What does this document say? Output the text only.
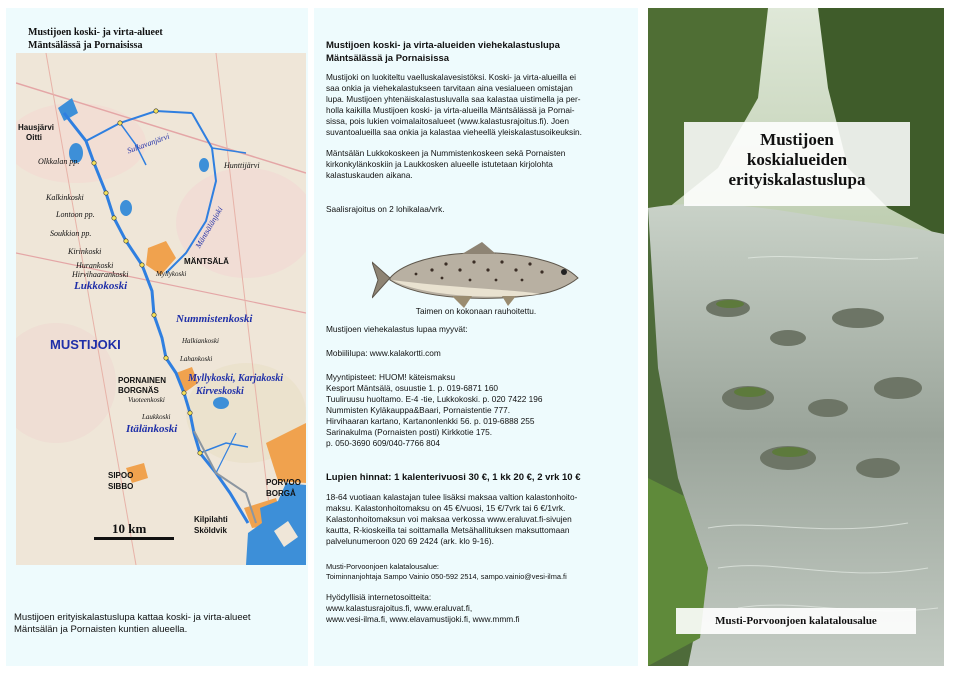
Mustijoen koski- ja virta-alueet
Mäntsälässä ja Pornaisissa
Hausjärvi
Oitti	Sulkavanjärvi
Olkkalan pp.
Kalkinkoski
Lontoon pp.
Soukkion pp.
Kirinkoski
Hurankoski
Hirvihaarankoski	Myllykoski
Lukkokoski
MÄNTSÄLÄ
Mäntsälänjoki
Hunttijärvi
Nummistenkoski
Halkiankoski
MUSTIJOKI
Lahankoski
PORNAINEN
BORGNÄS
Myllykoski, Karjakoski
Kirveskoski
Vuoteenkoski
Laukkoski
Itälänkoski
SIPOO
SIBBO	PORVOO
BORGÅ
Kilpilahti
Sköldvik
10 km
Mustijoen erityiskalastuslupa kattaa koski- ja virta-alueet
Mäntsälän ja Pornaisten kuntien alueella.
Mustijoen koski- ja virta-alueiden viehekalastuslupa
Mäntsälässä ja Pornaisissa

Mustijoki on luokiteltu vaelluskalavesistöksi. Koski- ja virta-alueilla ei

saa onkia ja viehekalastukseen tarvitaan aina vesialueen omistajan

lupa. Mustijoen yhtenäiskalastusluvalla saa kalastaa uistimella ja per-

holla kaikilla Mustijoen koski- ja virta-alueilla Mäntsälässä ja Pornai-

sissa, pois lukien voimalaitosalueet (www.kalastusrajoitus.fi). Joen

suvantoalueilla saa onkia ja kalastaa vieheellä yleiskalastusoikeuksin.

Mäntsälän Lukkokoskeen ja Nummistenkoskeen sekä Pornaisten

kirkonkylänkoskiin ja Laukkosken alueelle istutetaan kirjolohta

kalastuskauden aikana.

Saalisrajoitus on 2 lohikalaa/vrk.
Taimen on kokonaan rauhoitettu.
Mustijoen viehekalastus lupaa myyvät:
Mobiililupa: www.kalakortti.com

Myyntipisteet: HUOM! käteismaksu

Kesport Mäntsälä, osuustie 1. p. 019-6871 160

Tuuliruusu huoltamo. E-4 -tie, Lukkokoski. p. 020 7422 196

Nummisten Kyläkauppa&Baari, Pornaistentie 777.

Hirvihaaran kartano, Kartanonlenkki 56. p. 019-6888 255

Sarinakulma (Pornaisten posti) Kirkkotie 175.

p. 050-3690 609/040-7766 804

Lupien hinnat: 1 kalenterivuosi 30 €, 1 kk 20 €, 2 vrk 10 €

18-64 vuotiaan kalastajan tulee lisäksi maksaa valtion kalastonhoito-

maksu. Kalastonhoitomaksu on 45 €/vuosi, 15 €/7vrk tai 6 €/1vrk.

Kalastonhoitomaksun voi maksaa verkossa www.eraluvat.fi-sivujen

kautta, R-kioskeilla tai soittamalla Metsähallituksen maksuttomaan

palvelunumeroon 020 69 2424 (ark. klo 9-16).

Musti-Porvoonjoen kalatalousalue:
Toiminnanjohtaja Sampo Vainio 050-592 2514, sampo.vainio@vesi-ilma.fi

Hyödyllisiä internetosoitteita:

www.kalastusrajoitus.fi, www.eraluvat.fi,

www.vesi-ilma.fi, www.elavamustijoki.fi, www.mmm.fi

Mustijoen
koskialueiden
erityiskalastuslupa
Musti-Porvoonjoen kalatalousalue
